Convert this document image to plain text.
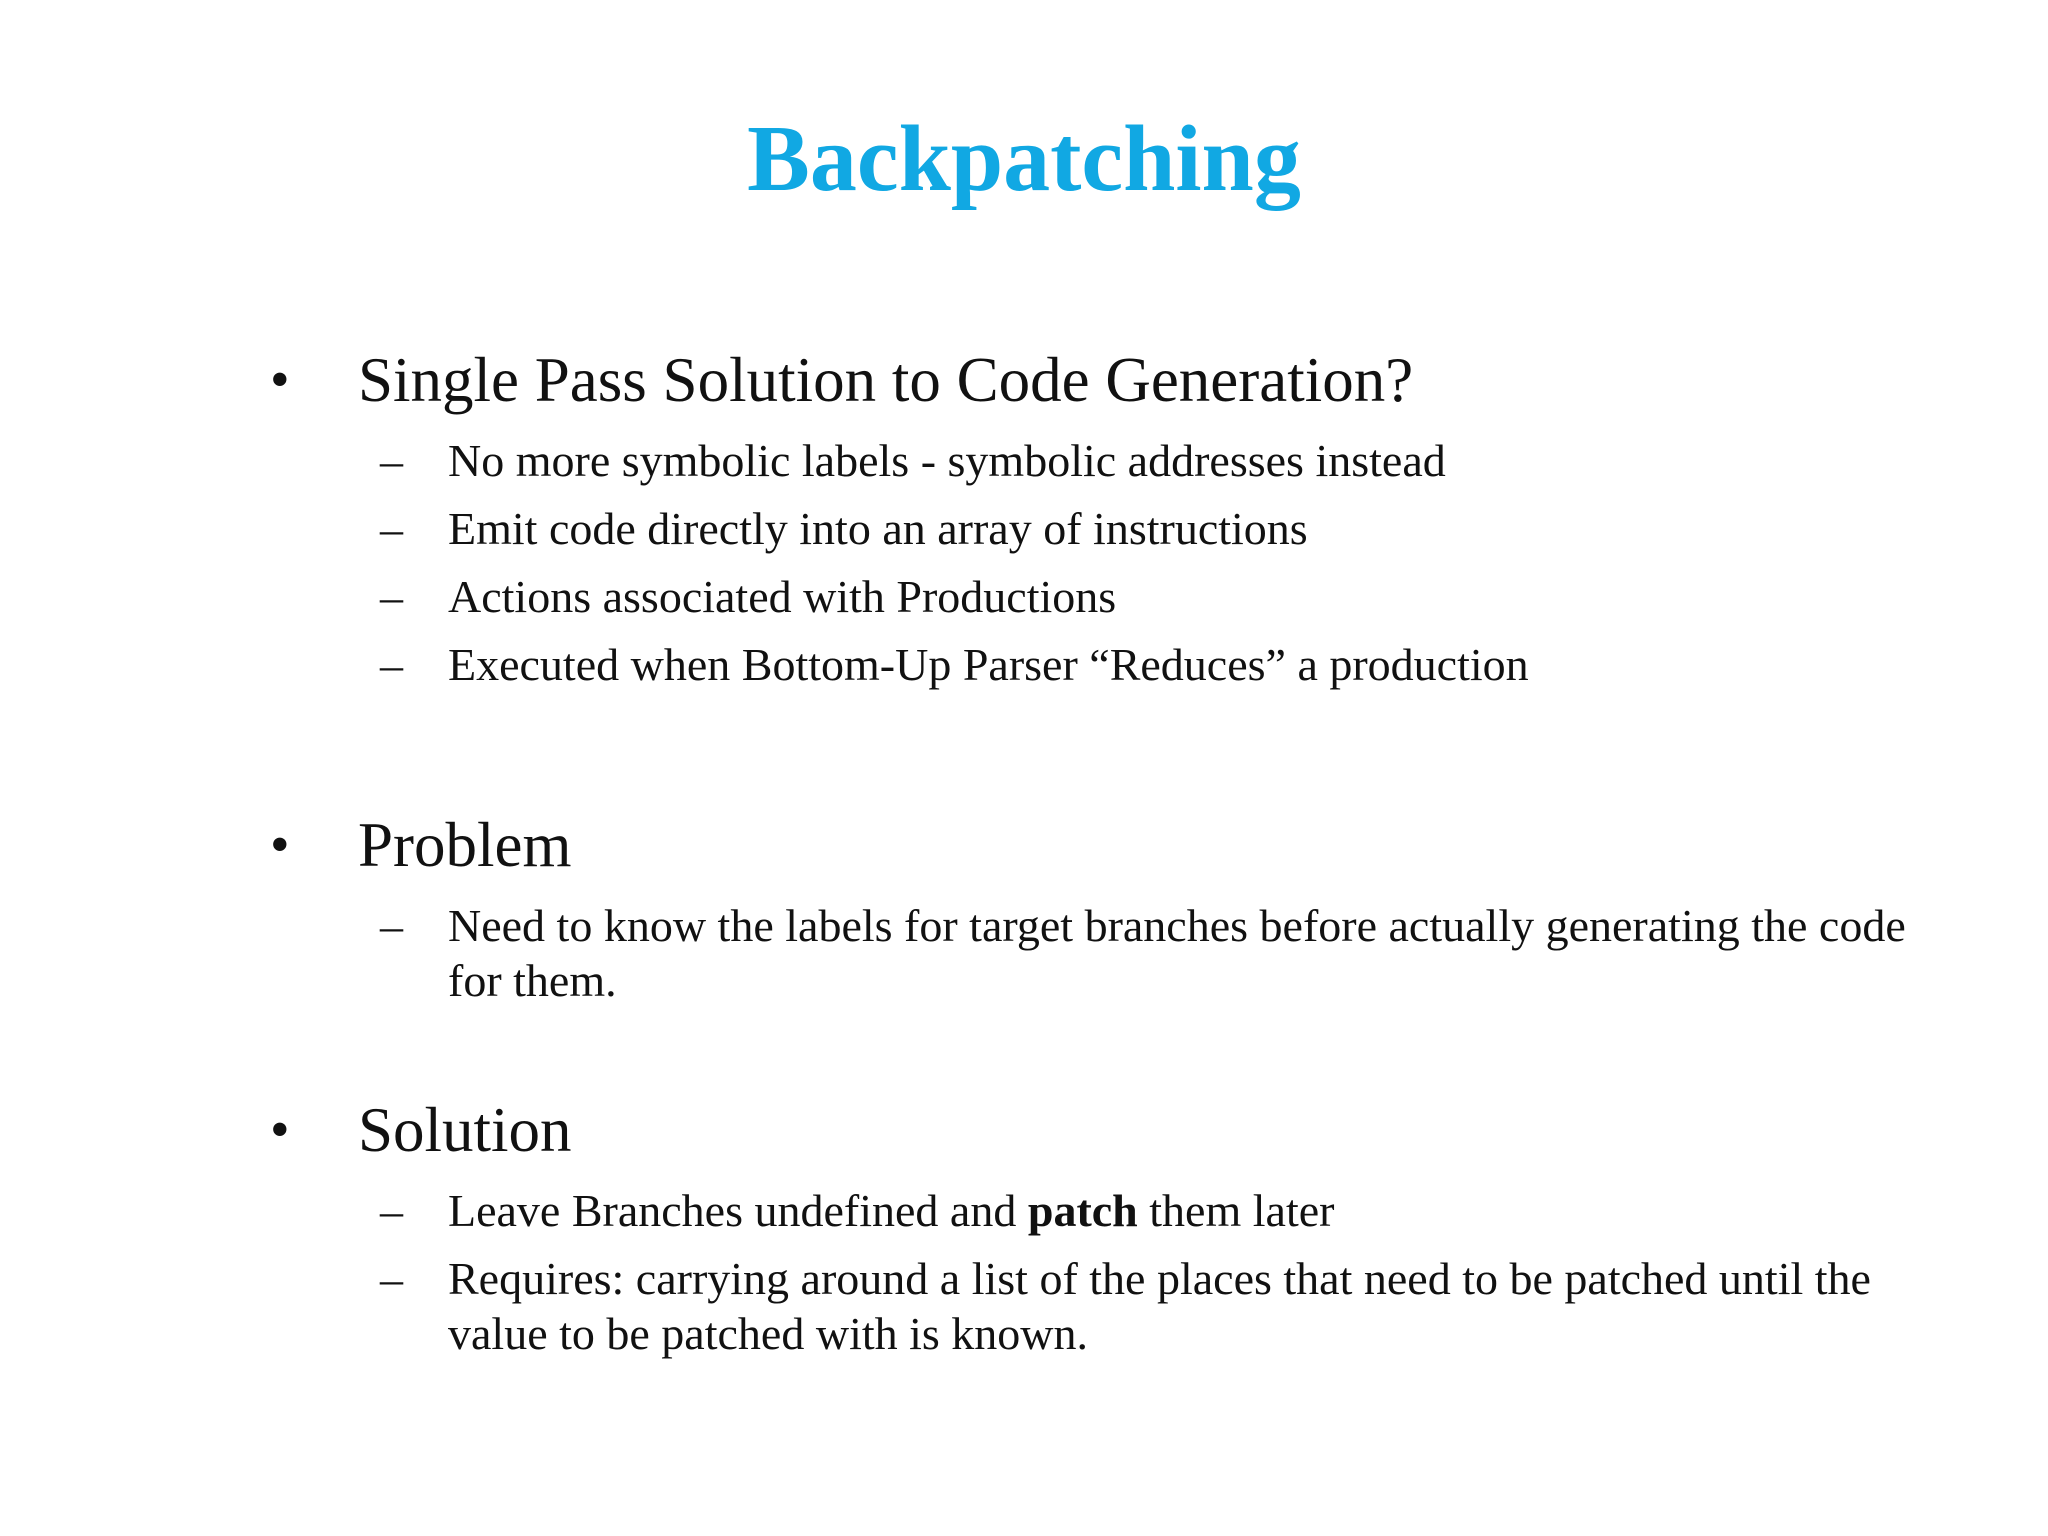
Backpatching

• Single Pass Solution to Code Generation?

– No more symbolic labels - symbolic addresses instead
– Emit code directly into an array of instructions
– Actions associated with Productions
– Executed when Bottom-Up Parser “Reduces” a production

• Problem

– Need to know the labels for target branches before actually generating the code for them.

• Solution

– Leave Branches undefined and patch them later
– Requires: carrying around a list of the places that need to be patched until the value to be patched with is known.
